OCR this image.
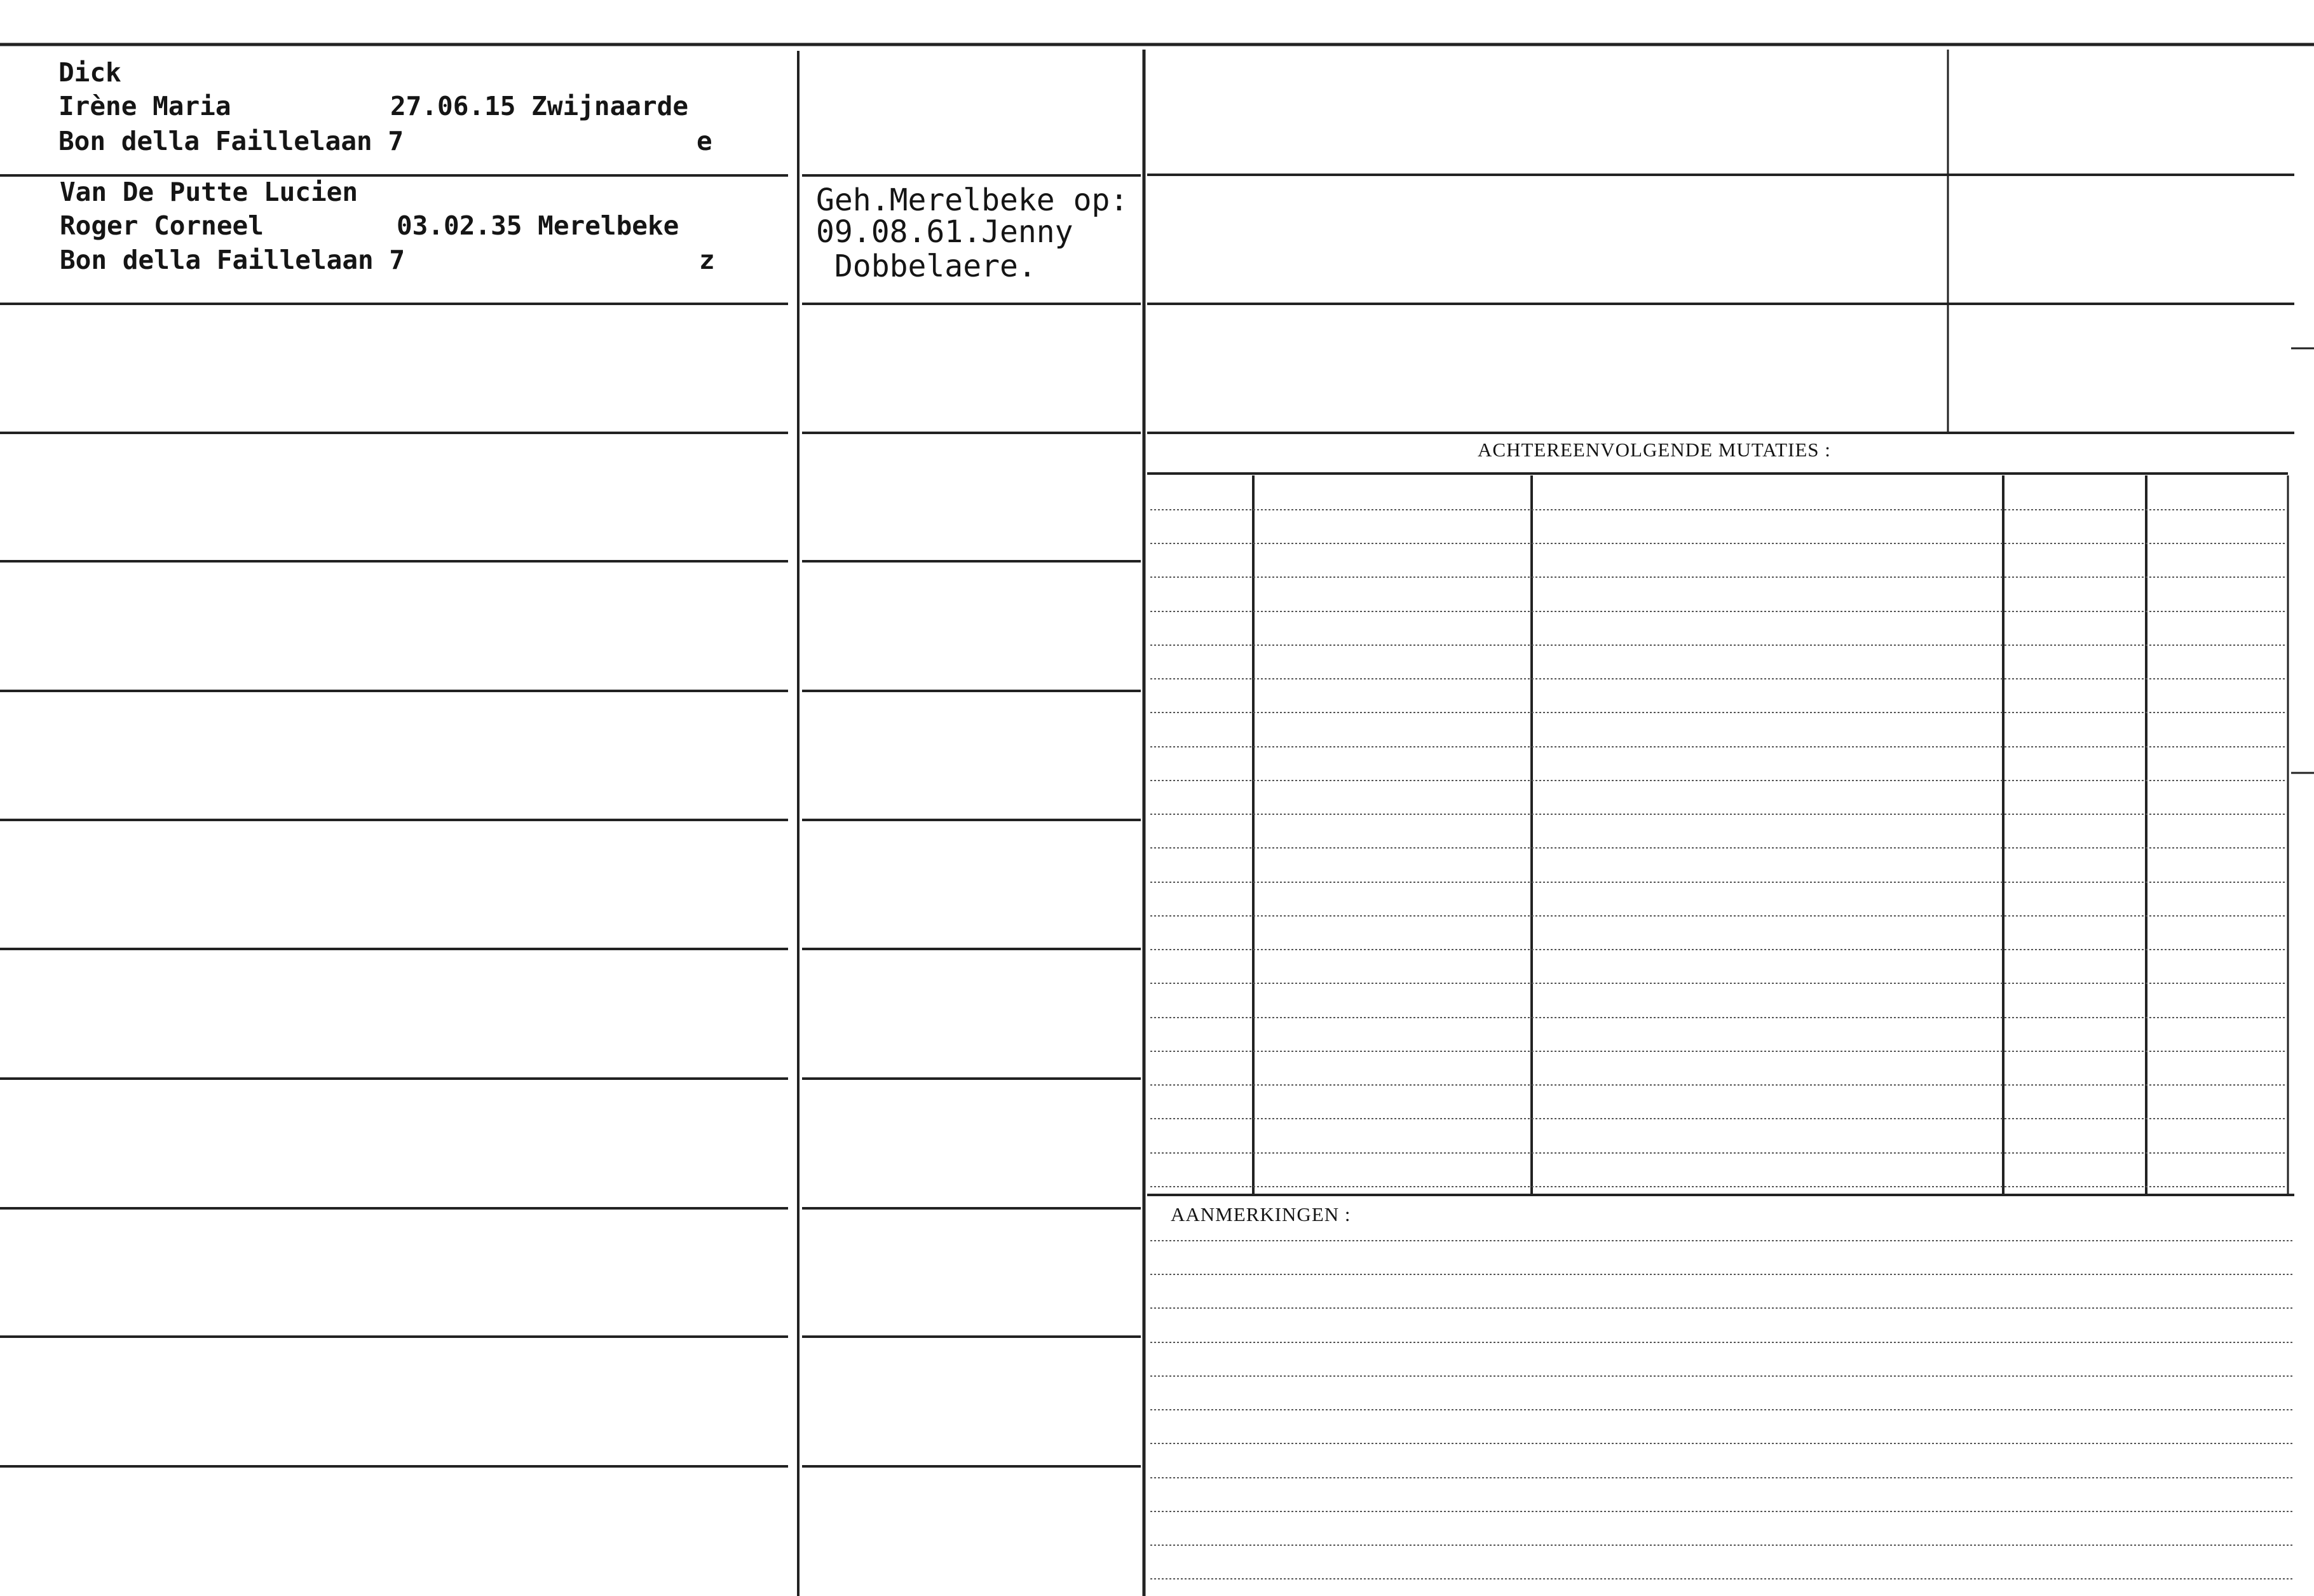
Dick
Irène Maria	27.06.15 Zwijnaarde
Bon della Faillelaan 7	e
Van De Putte Lucien
Roger Corneel	03.02.35 Merelbeke
Bon della Faillelaan 7	z
Geh.Merelbeke op:
09.08.61.Jenny
Dobbelaere.
ACHTEREENVOLGENDE MUTATIES :
AANMERKINGEN :
